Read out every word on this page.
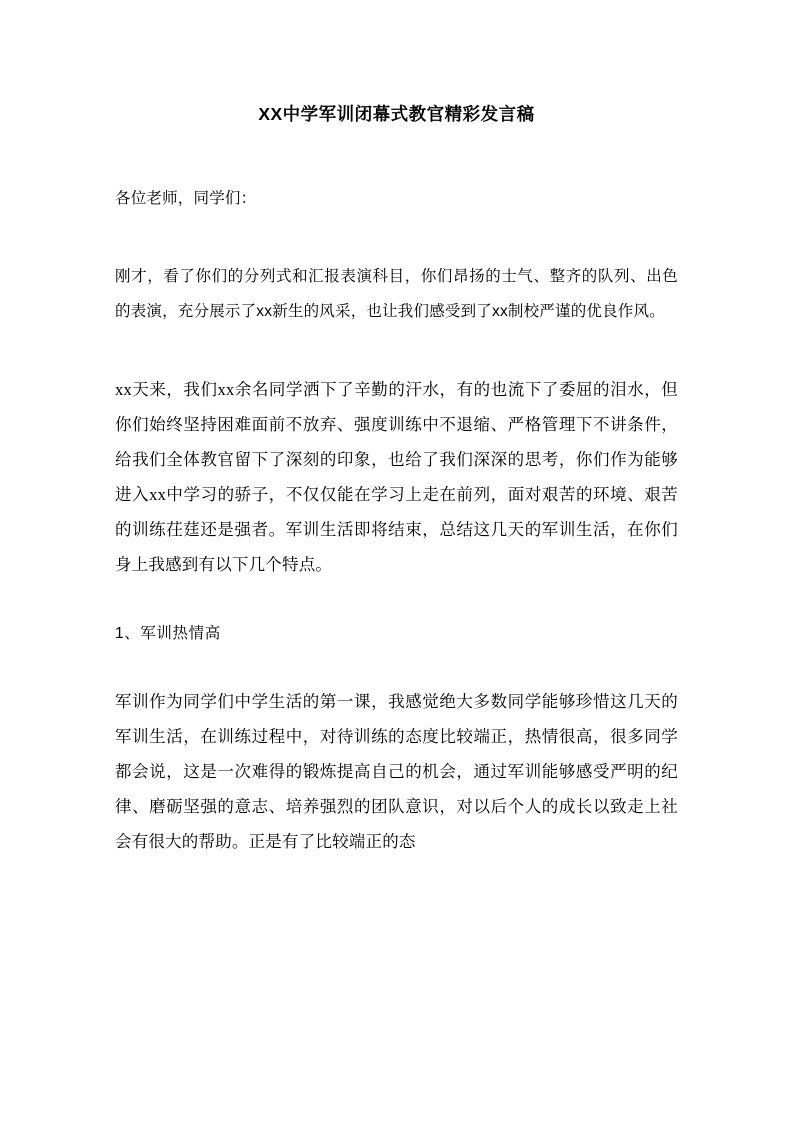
XX中学军训闭幕式教官精彩发言稿

各位老师，同学们：

刚才，看了你们的分列式和汇报表演科目，你们昂扬的士气、整齐的队列、出色的表演，充分展示了xx新生的风采，也让我们感受到了xx制校严谨的优良作风。

xx天来，我们xx余名同学洒下了辛勤的汗水，有的也流下了委屈的泪水，但你们始终坚持困难面前不放弃、强度训练中不退缩、严格管理下不讲条件，给我们全体教官留下了深刻的印象，也给了我们深深的思考，你们作为能够进入xx中学习的骄子，不仅仅能在学习上走在前列，面对艰苦的环境、艰苦的训练茌莛还是强者。军训生活即将结束，总结这几天的军训生活，在你们身上我感到有以下几个特点。

1、军训热情高

军训作为同学们中学生活的第一课，我感觉绝大多数同学能够珍惜这几天的军训生活，在训练过程中，对待训练的态度比较端正，热情很高，很多同学都会说，这是一次难得的锻炼提高自己的机会，通过军训能够感受严明的纪律、磨砺坚强的意志、培养强烈的团队意识，对以后个人的成长以致走上社会有很大的帮助。正是有了比较端正的态
